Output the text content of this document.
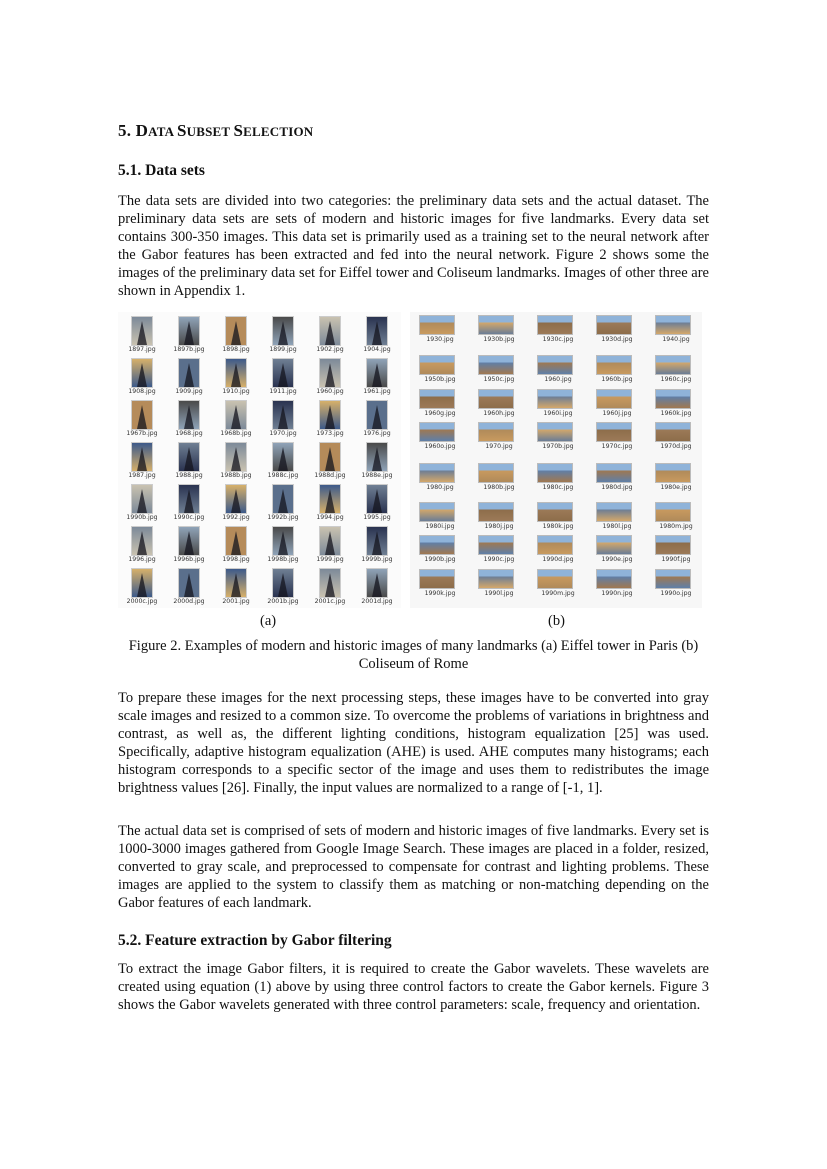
5. DATA SUBSET SELECTION
5.1. Data sets

The data sets are divided into two categories: the preliminary data sets and the actual dataset. The preliminary data sets are sets of modern and historic images for five landmarks. Every data set contains 300-350 images. This data set is primarily used as a training set to the neural network after the Gabor features has been extracted and fed into the neural network. Figure 2 shows some the images of the preliminary data set for Eiffel tower and Coliseum landmarks. Images of other three are shown in Appendix 1.

1897.jpg	1897b.jpg	1898.jpg	1899.jpg	1902.jpg	1904.jpg
1908.jpg	1909.jpg	1910.jpg	1911.jpg	1960.jpg	1961.jpg
1967b.jpg	1968.jpg	1968b.jpg	1970.jpg	1973.jpg	1976.jpg
1987.jpg	1988.jpg	1988b.jpg	1988c.jpg	1988d.jpg	1988e.jpg
1990b.jpg	1990c.jpg	1992.jpg	1992b.jpg	1994.jpg	1995.jpg
1996.jpg	1996b.jpg	1998.jpg	1998b.jpg	1999.jpg	1999b.jpg
2000c.jpg	2000d.jpg	2001.jpg	2001b.jpg	2001c.jpg	2001d.jpg
1930.jpg	1930b.jpg	1930c.jpg	1930d.jpg	1940.jpg
1950b.jpg	1950c.jpg	1960.jpg	1960b.jpg	1960c.jpg
1960g.jpg	1960h.jpg	1960i.jpg	1960j.jpg	1960k.jpg
1960o.jpg	1970.jpg	1970b.jpg	1970c.jpg	1970d.jpg
1980.jpg	1980b.jpg	1980c.jpg	1980d.jpg	1980e.jpg
1980i.jpg	1980j.jpg	1980k.jpg	1980l.jpg	1980m.jpg
1990b.jpg	1990c.jpg	1990d.jpg	1990e.jpg	1990f.jpg
1990k.jpg	1990l.jpg	1990m.jpg	1990n.jpg	1990o.jpg
(a)	(b)
Figure 2. Examples of modern and historic images of many landmarks (a) Eiffel tower in Paris (b) Coliseum of Rome

To prepare these images for the next processing steps, these images have to be converted into gray scale images and resized to a common size. To overcome the problems of variations in brightness and contrast, as well as, the different lighting conditions, histogram equalization [25] was used. Specifically, adaptive histogram equalization (AHE) is used. AHE computes many histograms; each histogram corresponds to a specific sector of the image and uses them to redistributes the image brightness values [26]. Finally, the input values are normalized to a range of [-1, 1].

The actual data set is comprised of sets of modern and historic images of five landmarks. Every set is 1000-3000 images gathered from Google Image Search. These images are placed in a folder, resized, converted to gray scale, and preprocessed to compensate for contrast and lighting problems. These images are applied to the system to classify them as matching or non-matching depending on the Gabor features of each landmark.

5.2. Feature extraction by Gabor filtering

To extract the image Gabor filters, it is required to create the Gabor wavelets. These wavelets are created using equation (1) above by using three control factors to create the Gabor kernels. Figure 3 shows the Gabor wavelets generated with three control parameters: scale, frequency and orientation.
